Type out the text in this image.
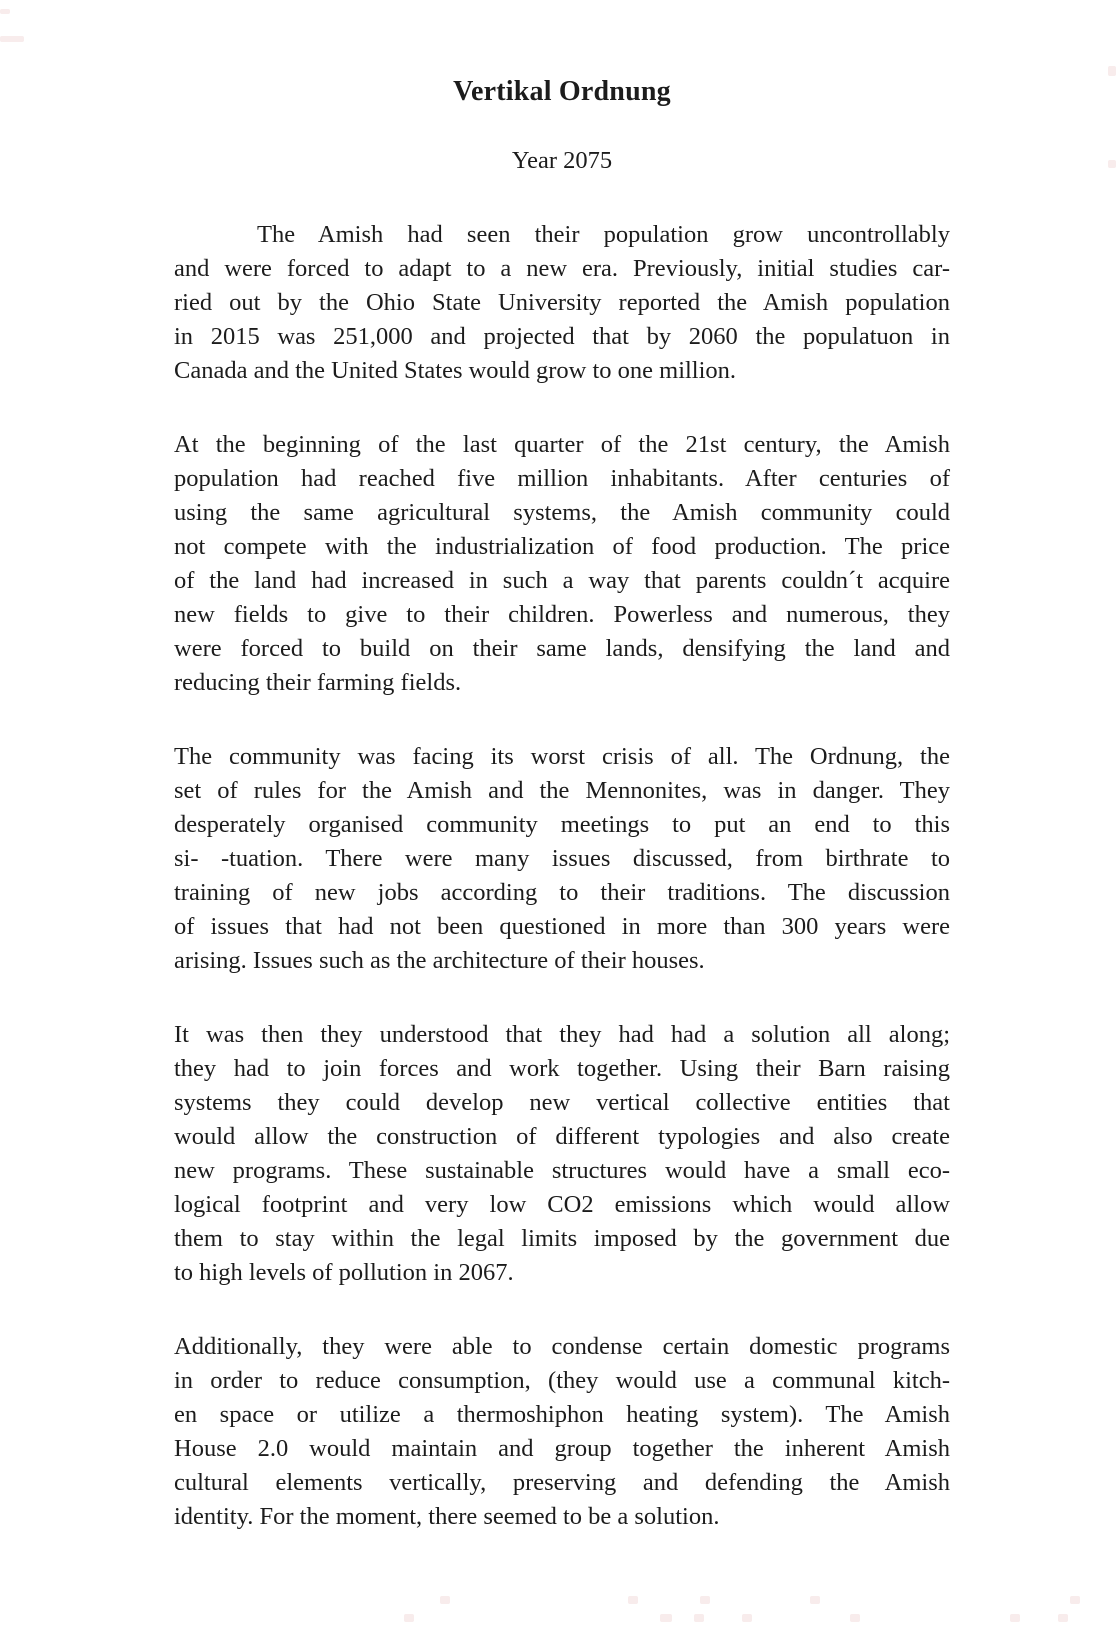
Vertikal Ordnung
Year 2075

The Amish had seen their population grow uncontrollably
and were forced to adapt to a new era. Previously, initial studies car-
ried out by the Ohio State University reported the Amish population
in 2015 was 251,000 and projected that by 2060 the populatuon in
Canada and the United States would grow to one million.

At the beginning of the last quarter of the 21st century, the Amish
population had reached five million inhabitants. After centuries of
using the same agricultural systems, the Amish community could
not compete with the industrialization of food production. The price
of the land had increased in such a way that parents couldn´t acquire
new fields to give to their children. Powerless and numerous, they
were forced to build on their same lands, densifying the land and
reducing their farming fields.

The community was facing its worst crisis of all. The Ordnung, the
set of rules for the Amish and the Mennonites, was in danger. They
desperately organised community meetings to put an end to this
si- -tuation. There were many issues discussed, from birthrate to
training of new jobs according to their traditions. The discussion
of issues that had not been questioned in more than 300 years were
arising. Issues such as the architecture of their houses.

It was then they understood that they had had a solution all along;
they had to join forces and work together. Using their Barn raising
systems they could develop new vertical collective entities that
would allow the construction of different typologies and also create
new programs. These sustainable structures would have a small eco-
logical footprint and very low CO2 emissions which would allow
them to stay within the legal limits imposed by the government due
to high levels of pollution in 2067.

Additionally, they were able to condense certain domestic programs
in order to reduce consumption, (they would use a communal kitch-
en space or utilize a thermoshiphon heating system). The Amish
House 2.0 would maintain and group together the inherent Amish
cultural elements vertically, preserving and defending the Amish
identity. For the moment, there seemed to be a solution.
